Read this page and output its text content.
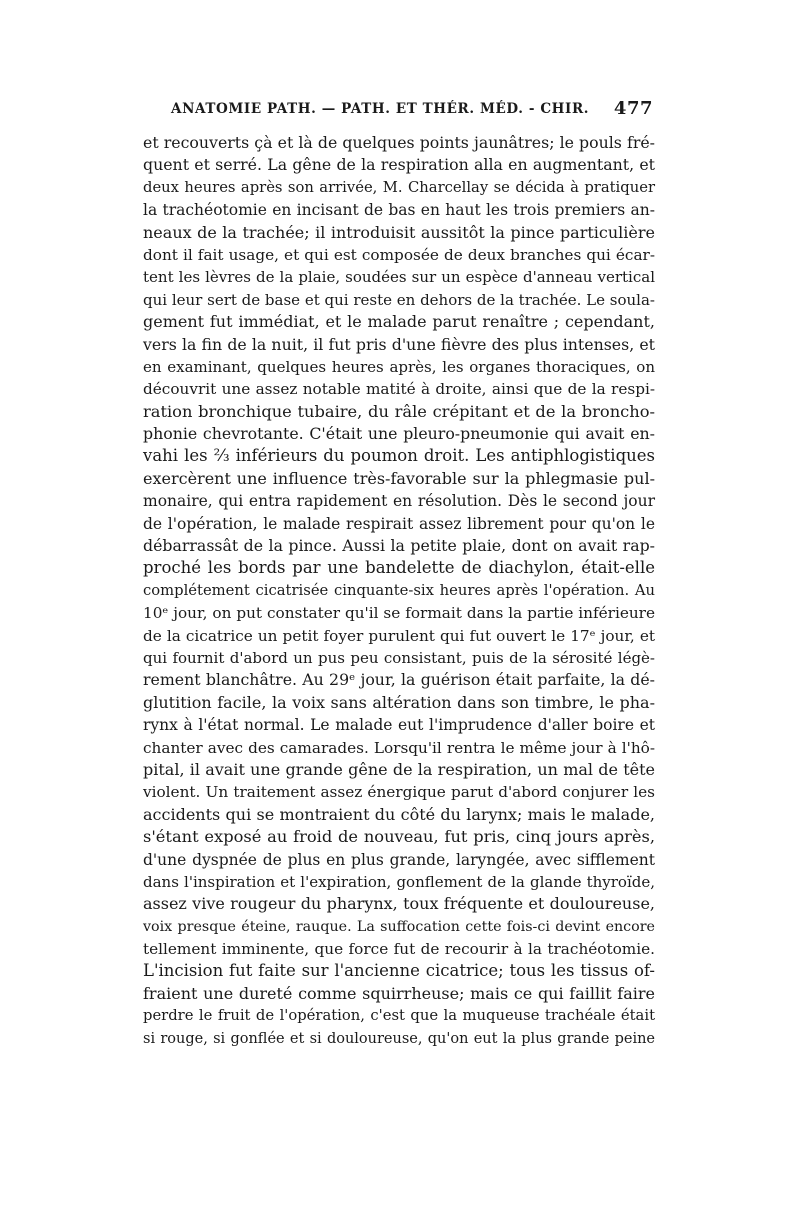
ANATOMIE PATH. — PATH. ET THÉR. MÉD. - CHIR. 477
et recouverts çà et là de quelques points jaunâtres; le pouls fré-
quent et serré. La gêne de la respiration alla en augmentant, et
deux heures après son arrivée, M. Charcellay se décida à pratiquer
la trachéotomie en incisant de bas en haut les trois premiers an-
neaux de la trachée; il introduisit aussitôt la pince particulière
dont il fait usage, et qui est composée de deux branches qui écar-
tent les lèvres de la plaie, soudées sur un espèce d'anneau vertical
qui leur sert de base et qui reste en dehors de la trachée. Le soula-
gement fut immédiat, et le malade parut renaître ; cependant,
vers la fin de la nuit, il fut pris d'une fièvre des plus intenses, et
en examinant, quelques heures après, les organes thoraciques, on
découvrit une assez notable matité à droite, ainsi que de la respi-
ration bronchique tubaire, du râle crépitant et de la broncho-
phonie chevrotante. C'était une pleuro-pneumonie qui avait en-
vahi les ⅔ inférieurs du poumon droit. Les antiphlogistiques
exercèrent une influence très-favorable sur la phlegmasie pul-
monaire, qui entra rapidement en résolution. Dès le second jour
de l'opération, le malade respirait assez librement pour qu'on le
débarrassât de la pince. Aussi la petite plaie, dont on avait rap-
proché les bords par une bandelette de diachylon, était-elle
complétement cicatrisée cinquante-six heures après l'opération. Au
10ᵉ jour, on put constater qu'il se formait dans la partie inférieure
de la cicatrice un petit foyer purulent qui fut ouvert le 17ᵉ jour, et
qui fournit d'abord un pus peu consistant, puis de la sérosité légè-
rement blanchâtre. Au 29ᵉ jour, la guérison était parfaite, la dé-
glutition facile, la voix sans altération dans son timbre, le pha-
rynx à l'état normal. Le malade eut l'imprudence d'aller boire et
chanter avec des camarades. Lorsqu'il rentra le même jour à l'hô-
pital, il avait une grande gêne de la respiration, un mal de tête
violent. Un traitement assez énergique parut d'abord conjurer les
accidents qui se montraient du côté du larynx; mais le malade,
s'étant exposé au froid de nouveau, fut pris, cinq jours après,
d'une dyspnée de plus en plus grande, laryngée, avec sifflement
dans l'inspiration et l'expiration, gonflement de la glande thyroïde,
assez vive rougeur du pharynx, toux fréquente et douloureuse,
voix presque éteine, rauque. La suffocation cette fois-ci devint encore
tellement imminente, que force fut de recourir à la trachéotomie.
L'incision fut faite sur l'ancienne cicatrice; tous les tissus of-
fraient une dureté comme squirrheuse; mais ce qui faillit faire
perdre le fruit de l'opération, c'est que la muqueuse trachéale était
si rouge, si gonflée et si douloureuse, qu'on eut la plus grande peine
